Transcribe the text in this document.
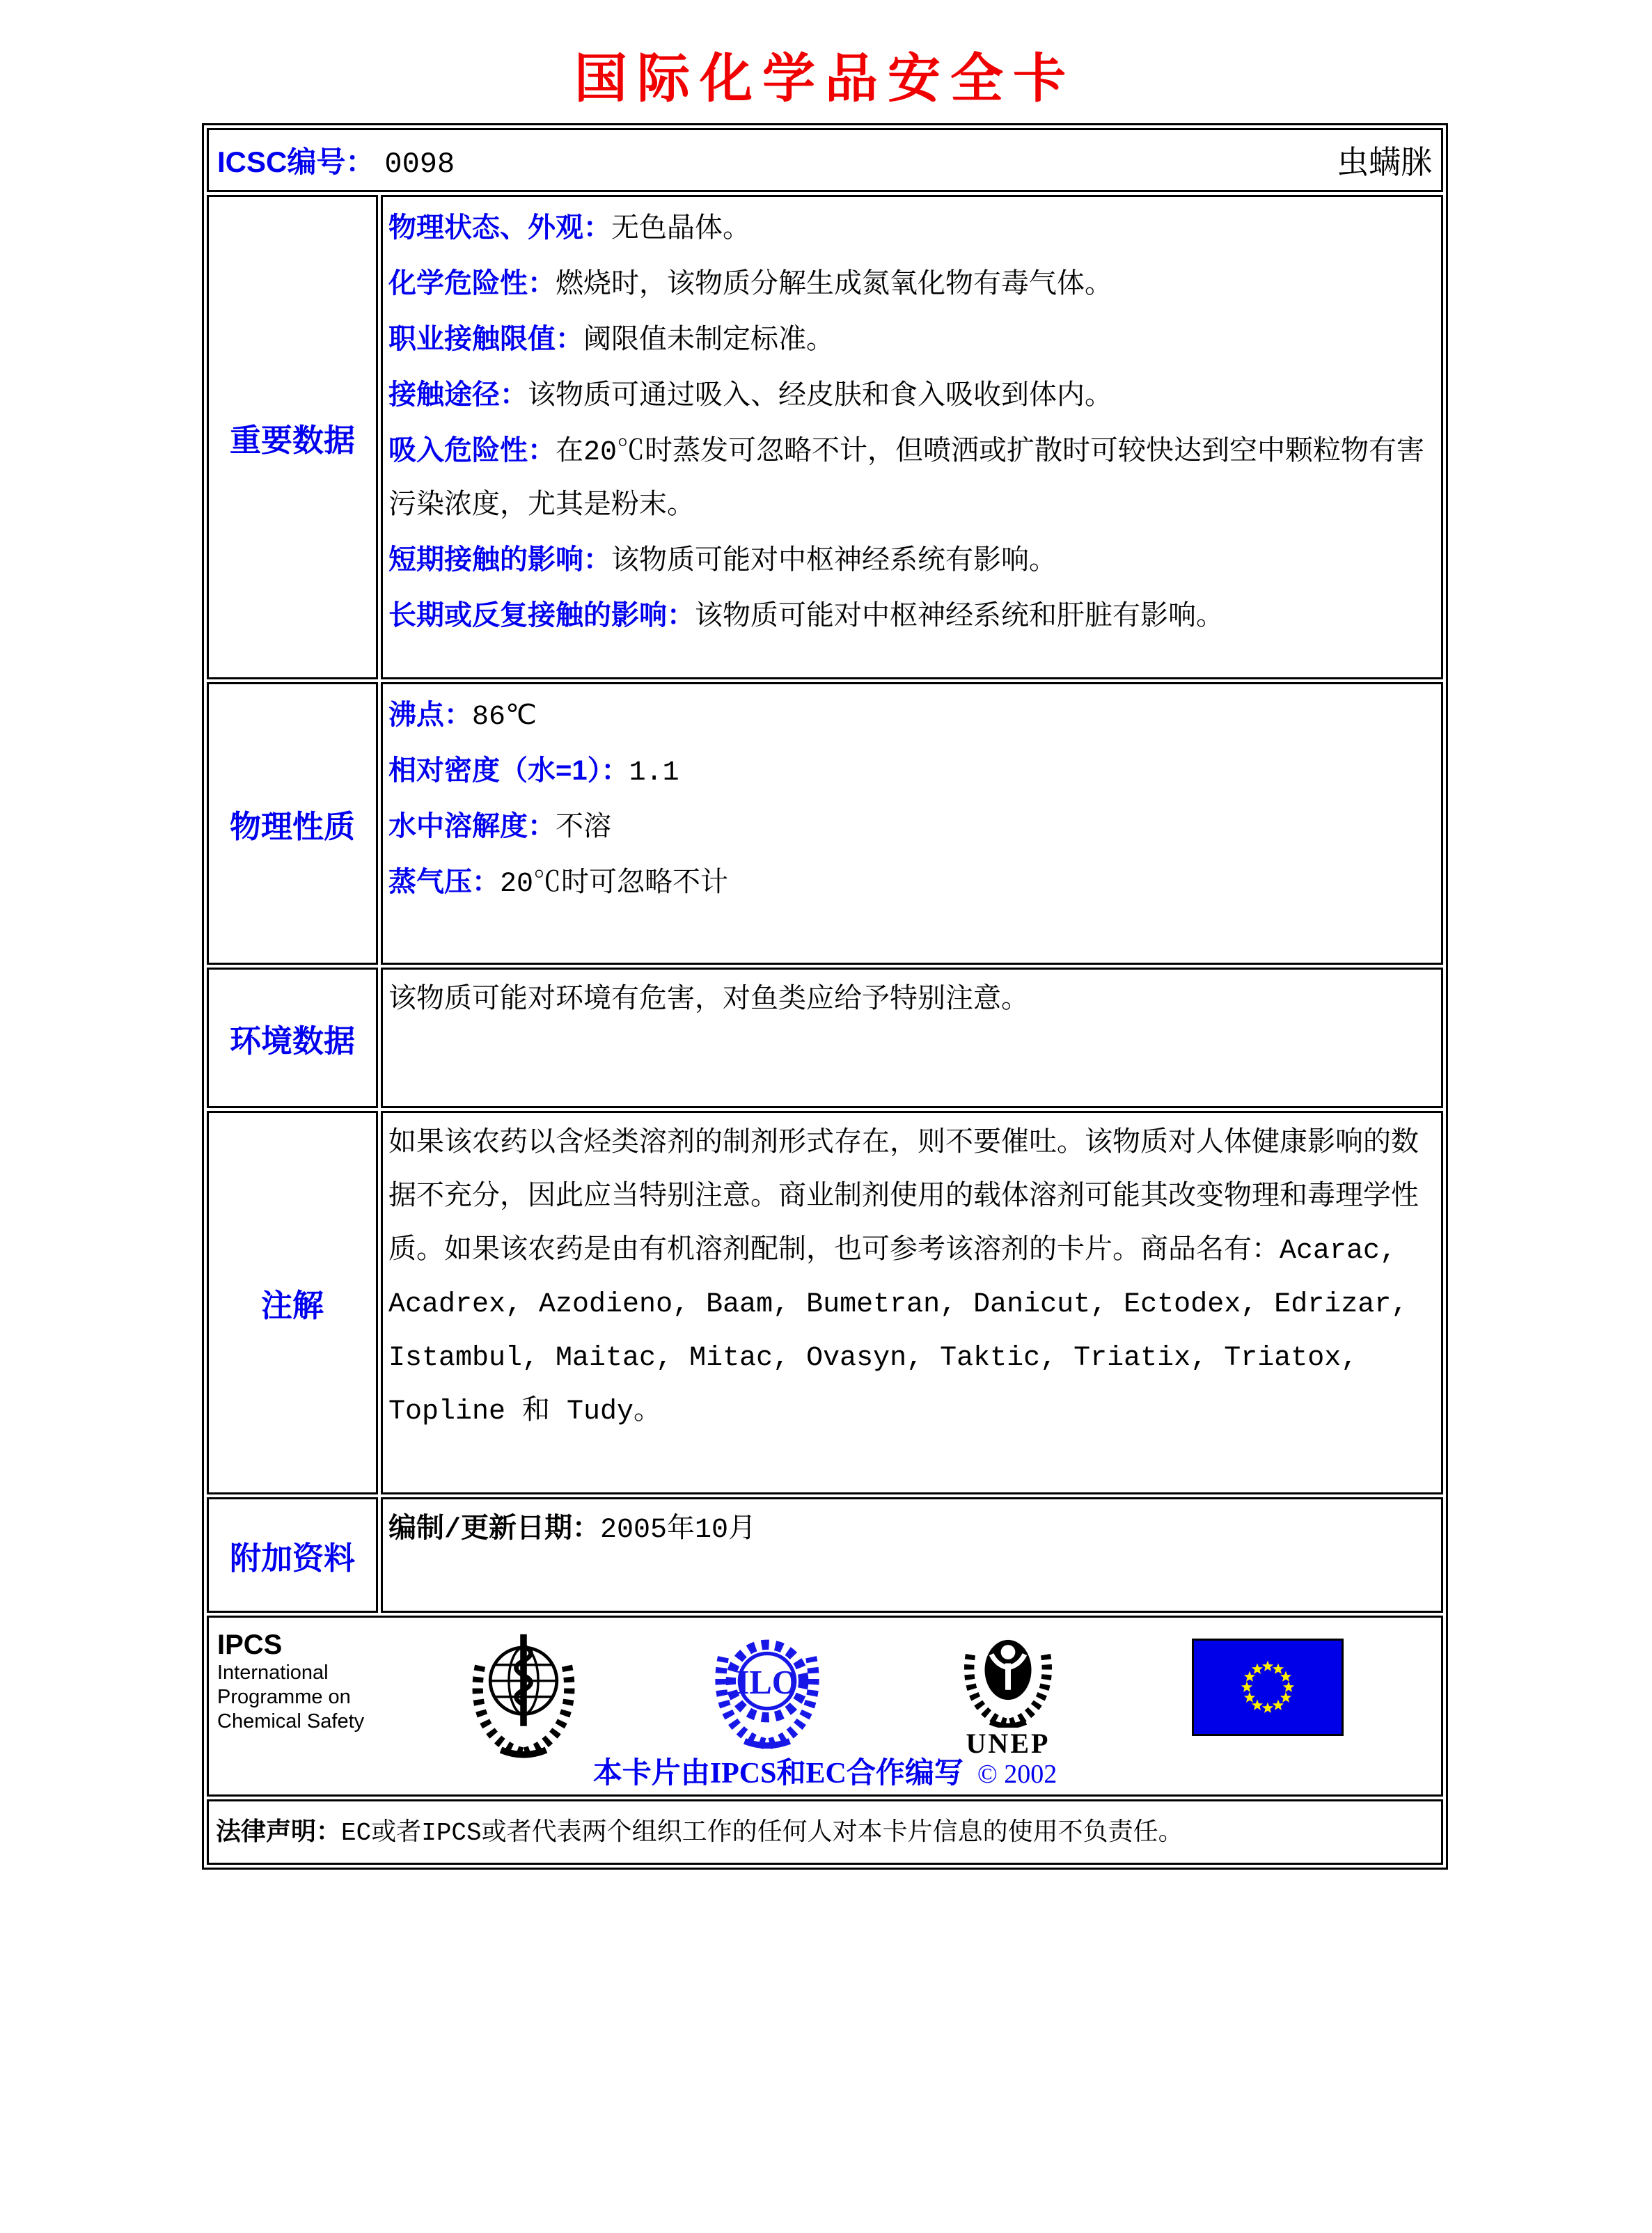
国际化学品安全卡
ICSC编号： 0098 虫螨脒	

重要数据	
物理状态、外观：无色晶体。
化学危险性：燃烧时，该物质分解生成氮氧化物有毒气体。
职业接触限值：阈限值未制定标准。
接触途径：该物质可通过吸入、经皮肤和食入吸收到体内。
吸入危险性：在20℃时蒸发可忽略不计，但喷洒或扩散时可较快达到空中颗粒物有害污染浓度，尤其是粉末。
短期接触的影响：该物质可能对中枢神经系统有影响。
长期或反复接触的影响：该物质可能对中枢神经系统和肝脏有影响。

物理性质	沸点：86℃
相对密度（水=1）：1.1
水中溶解度：不溶
蒸气压：20℃时可忽略不计

环境数据	该物质可能对环境有危害，对鱼类应给予特别注意。

注解	如果该农药以含烃类溶剂的制剂形式存在，则不要催吐。该物质对人体健康影响的数据不充分，因此应当特别注意。商业制剂使用的载体溶剂可能其改变物理和毒理学性质。如果该农药是由有机溶剂配制，也可参考该溶剂的卡片。商品名有：Acarac, Acadrex, Azodieno, Baam, Bumetran, Danicut, Ectodex, Edrizar, Istambul, Maitac, Mitac, Ovasyn, Taktic, Triatix, Triatox, Topline 和 Tudy。

附加资料	编制/更新日期：2005年10月

IPCS
International
Programme on
Chemical Safety
ILO
UNEP
本卡片由IPCS和EC合作编写 © 2002

法律声明：EC或者IPCS或者代表两个组织工作的任何人对本卡片信息的使用不负责任。	
